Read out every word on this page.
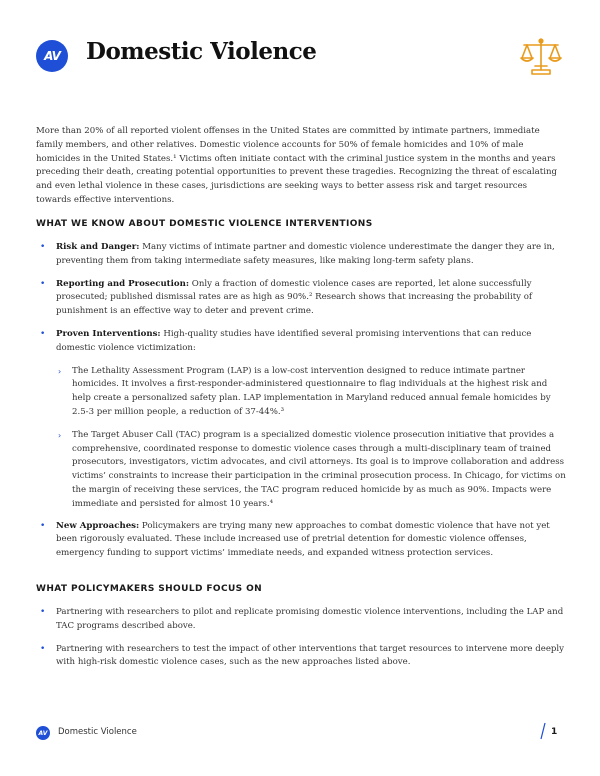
AV Domestic Violence

More than 20% of all reported violent offenses in the United States are committed by intimate partners, immediate family members, and other relatives. Domestic violence accounts for 50% of female homicides and 10% of male homicides in the United States.¹ Victims often initiate contact with the criminal justice system in the months and years preceding their death, creating potential opportunities to prevent these tragedies. Recognizing the threat of escalating and even lethal violence in these cases, jurisdictions are seeking ways to better assess risk and target resources towards effective interventions.

WHAT WE KNOW ABOUT DOMESTIC VIOLENCE INTERVENTIONS
• Risk and Danger: Many victims of intimate partner and domestic violence underestimate the danger they are in, preventing them from taking intermediate safety measures, like making long-term safety plans.
• Reporting and Prosecution: Only a fraction of domestic violence cases are reported, let alone successfully prosecuted; published dismissal rates are as high as 90%.² Research shows that increasing the probability of punishment is an effective way to deter and prevent crime.
• Proven Interventions: High-quality studies have identified several promising interventions that can reduce domestic violence victimization:
› The Lethality Assessment Program (LAP) is a low-cost intervention designed to reduce intimate partner homicides. It involves a first-responder-administered questionnaire to flag individuals at the highest risk and help create a personalized safety plan. LAP implementation in Maryland reduced annual female homicides by 2.5-3 per million people, a reduction of 37-44%.³
› The Target Abuser Call (TAC) program is a specialized domestic violence prosecution initiative that provides a comprehensive, coordinated response to domestic violence cases through a multi-disciplinary team of trained prosecutors, investigators, victim advocates, and civil attorneys. Its goal is to improve collaboration and address victims’ constraints to increase their participation in the criminal prosecution process. In Chicago, for victims on the margin of receiving these services, the TAC program reduced homicide by as much as 90%. Impacts were immediate and persisted for almost 10 years.⁴
• New Approaches: Policymakers are trying many new approaches to combat domestic violence that have not yet been rigorously evaluated. These include increased use of pretrial detention for domestic violence offenses, emergency funding to support victims’ immediate needs, and expanded witness protection services.
WHAT POLICYMAKERS SHOULD FOCUS ON
• Partnering with researchers to pilot and replicate promising domestic violence interventions, including the LAP and TAC programs described above.
• Partnering with researchers to test the impact of other interventions that target resources to intervene more deeply with high-risk domestic violence cases, such as the new approaches listed above.
AV Domestic Violence	1
